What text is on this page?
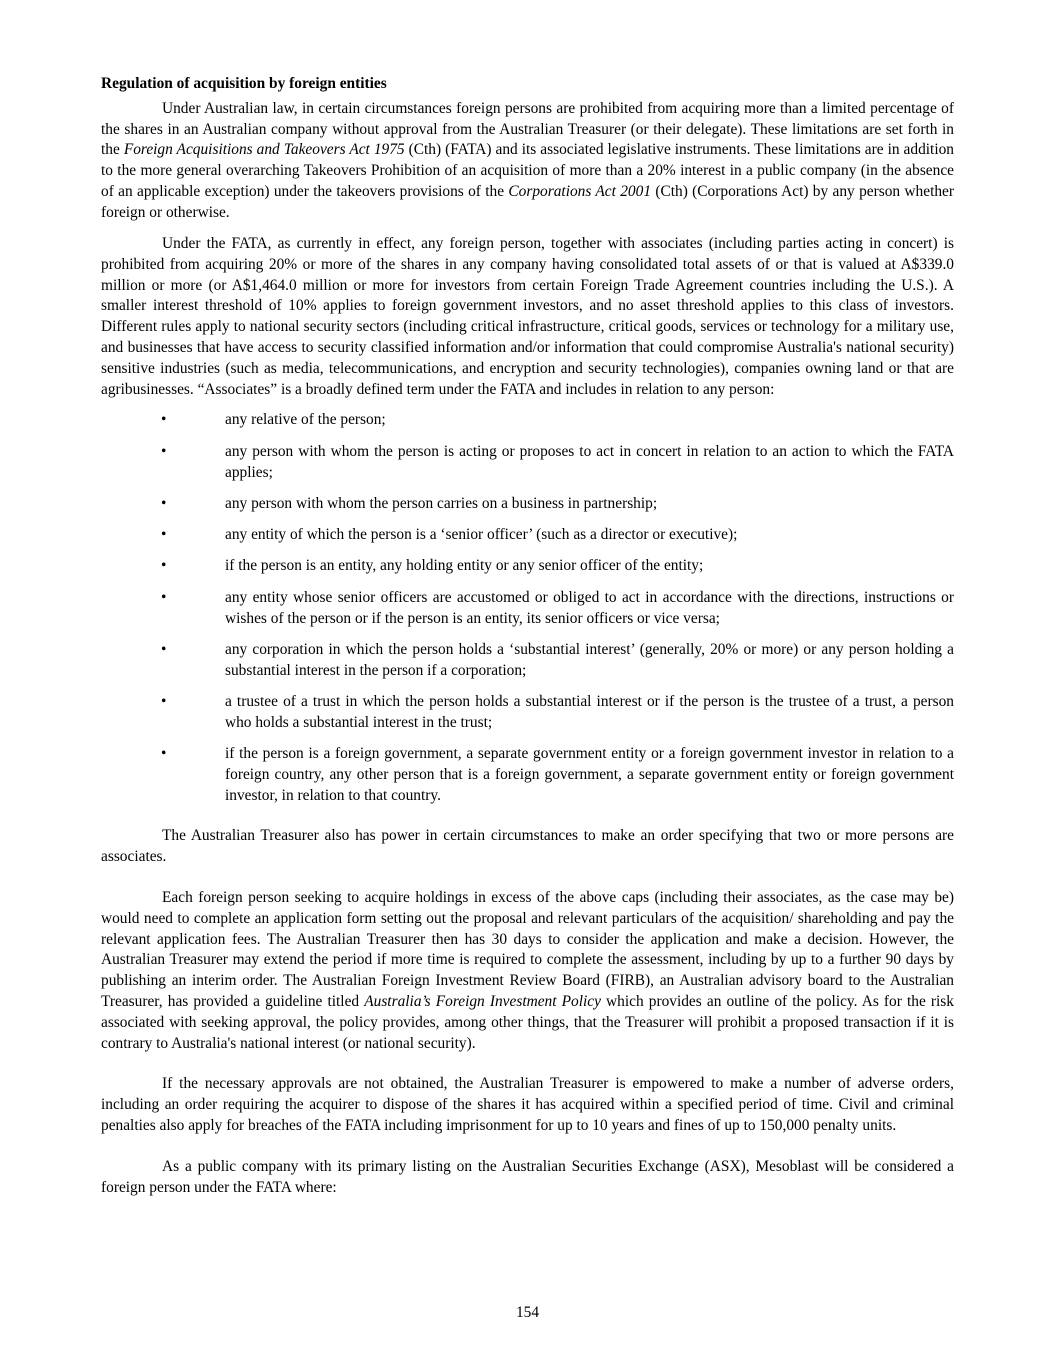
Regulation of acquisition by foreign entities

Under Australian law, in certain circumstances foreign persons are prohibited from acquiring more than a limited percentage of the shares in an Australian company without approval from the Australian Treasurer (or their delegate). These limitations are set forth in the Foreign Acquisitions and Takeovers Act 1975 (Cth) (FATA) and its associated legislative instruments. These limitations are in addition to the more general overarching Takeovers Prohibition of an acquisition of more than a 20% interest in a public company (in the absence of an applicable exception) under the takeovers provisions of the Corporations Act 2001 (Cth) (Corporations Act) by any person whether foreign or otherwise.

Under the FATA, as currently in effect, any foreign person, together with associates (including parties acting in concert) is prohibited from acquiring 20% or more of the shares in any company having consolidated total assets of or that is valued at A$339.0 million or more (or A$1,464.0 million or more for investors from certain Foreign Trade Agreement countries including the U.S.). A smaller interest threshold of 10% applies to foreign government investors, and no asset threshold applies to this class of investors. Different rules apply to national security sectors (including critical infrastructure, critical goods, services or technology for a military use, and businesses that have access to security classified information and/or information that could compromise Australia's national security) sensitive industries (such as media, telecommunications, and encryption and security technologies), companies owning land or that are agribusinesses. “Associates” is a broadly defined term under the FATA and includes in relation to any person:

•	any relative of the person;
•	any person with whom the person is acting or proposes to act in concert in relation to an action to which the FATA applies;
•	any person with whom the person carries on a business in partnership;
•	any entity of which the person is a ‘senior officer’ (such as a director or executive);
•	if the person is an entity, any holding entity or any senior officer of the entity;
•	any entity whose senior officers are accustomed or obliged to act in accordance with the directions, instructions or wishes of the person or if the person is an entity, its senior officers or vice versa;
•	any corporation in which the person holds a ‘substantial interest’ (generally, 20% or more) or any person holding a substantial interest in the person if a corporation;
•	a trustee of a trust in which the person holds a substantial interest or if the person is the trustee of a trust, a person who holds a substantial interest in the trust;
•	if the person is a foreign government, a separate government entity or a foreign government investor in relation to a foreign country, any other person that is a foreign government, a separate government entity or foreign government investor, in relation to that country.

The Australian Treasurer also has power in certain circumstances to make an order specifying that two or more persons are associates.

Each foreign person seeking to acquire holdings in excess of the above caps (including their associates, as the case may be) would need to complete an application form setting out the proposal and relevant particulars of the acquisition/ shareholding and pay the relevant application fees. The Australian Treasurer then has 30 days to consider the application and make a decision. However, the Australian Treasurer may extend the period if more time is required to complete the assessment, including by up to a further 90 days by publishing an interim order. The Australian Foreign Investment Review Board (FIRB), an Australian advisory board to the Australian Treasurer, has provided a guideline titled Australia’s Foreign Investment Policy which provides an outline of the policy. As for the risk associated with seeking approval, the policy provides, among other things, that the Treasurer will prohibit a proposed transaction if it is contrary to Australia's national interest (or national security).

If the necessary approvals are not obtained, the Australian Treasurer is empowered to make a number of adverse orders, including an order requiring the acquirer to dispose of the shares it has acquired within a specified period of time. Civil and criminal penalties also apply for breaches of the FATA including imprisonment for up to 10 years and fines of up to 150,000 penalty units.

As a public company with its primary listing on the Australian Securities Exchange (ASX), Mesoblast will be considered a foreign person under the FATA where:

154
